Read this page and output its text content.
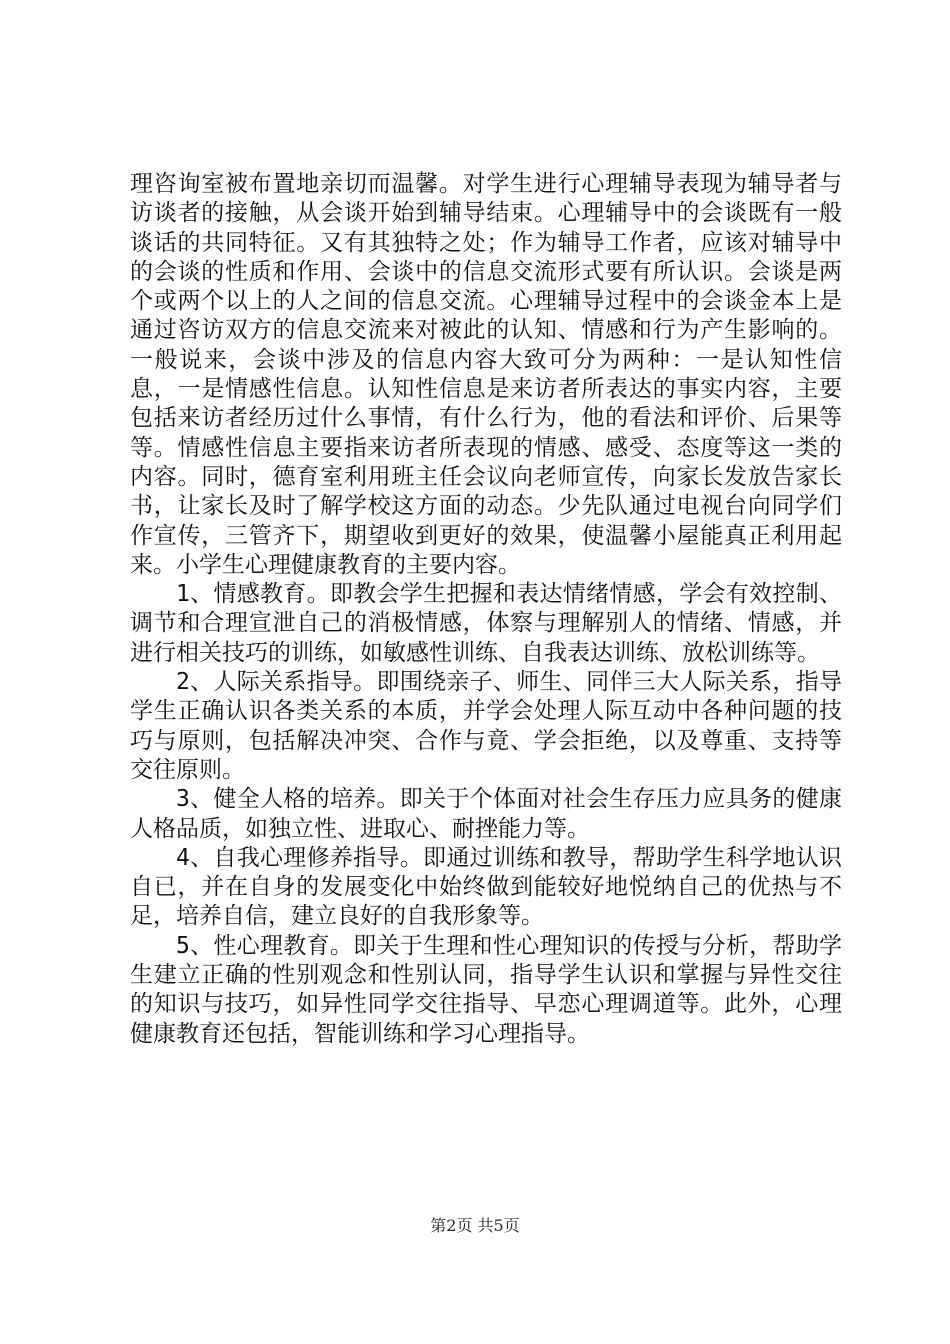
理咨询室被布置地亲切而温馨。对学生进行心理辅导表现为辅导者与访谈者的接触，从会谈开始到辅导结束。心理辅导中的会谈既有一般谈话的共同特征。又有其独特之处；作为辅导工作者，应该对辅导中的会谈的性质和作用、会谈中的信息交流形式要有所认识。会谈是两个或两个以上的人之间的信息交流。心理辅导过程中的会谈金本上是通过咨访双方的信息交流来对被此的认知、情感和行为产生影响的。一般说来，会谈中涉及的信息内容大致可分为两种：一是认知性信息，一是情感性信息。认知性信息是来访者所表达的事实内容，主要包括来访者经历过什么事情，有什么行为，他的看法和评价、后果等等。情感性信息主要指来访者所表现的情感、感受、态度等这一类的内容。同时，德育室利用班主任会议向老师宣传，向家长发放告家长书，让家长及时了解学校这方面的动态。少先队通过电视台向同学们作宣传，三管齐下，期望收到更好的效果，使温馨小屋能真正利用起来。小学生心理健康教育的主要内容。

1、情感教育。即教会学生把握和表达情绪情感，学会有效控制、调节和合理宣泄自己的消极情感，体察与理解别人的情绪、情感，并进行相关技巧的训练，如敏感性训练、自我表达训练、放松训练等。

2、人际关系指导。即围绕亲子、师生、同伴三大人际关系，指导学生正确认识各类关系的本质，并学会处理人际互动中各种问题的技巧与原则，包括解决冲突、合作与竟、学会拒绝，以及尊重、支持等交往原则。

3、健全人格的培养。即关于个体面对社会生存压力应具务的健康人格品质，如独立性、进取心、耐挫能力等。

4、自我心理修养指导。即通过训练和教导，帮助学生科学地认识自已，并在自身的发展变化中始终做到能较好地悦纳自己的优热与不足，培养自信，建立良好的自我形象等。

5、性心理教育。即关于生理和性心理知识的传授与分析，帮助学生建立正确的性别观念和性别认同，指导学生认识和掌握与异性交往的知识与技巧，如异性同学交往指导、早恋心理调道等。此外，心理健康教育还包括，智能训练和学习心理指导。

第2页 共5页
